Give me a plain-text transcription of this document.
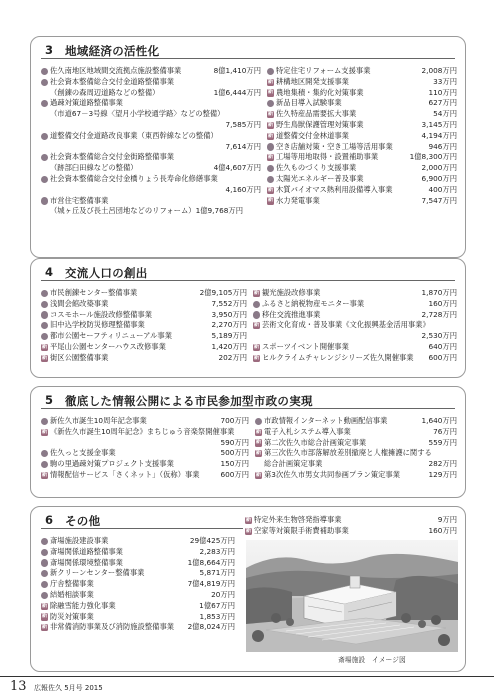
3 地域経済の活性化
佐久南地区地域間交流拠点施設整備事業	8億1,410万円
社会資本整備総合交付金道路整備事業
（創錬の森周辺道路などの整備）	1億6,444万円
過疎対策道路整備事業
（市道67－3号線〈望月小学校通学路〉などの整備）
7,585万円
道整備交付金道路改良事業（東西幹線などの整備）
7,614万円
社会資本整備総合交付金街路整備事業
（跡部臼田線などの整備）	4億4,607万円
社会資本整備総合交付金橋りょう長寿命化修繕事業
4,160万円
市営住宅整備事業
（城ヶ丘及び長土呂団地などのリフォーム）1億9,768万円
特定住宅リフォーム支援事業	2,008万円
新 耕構地区開発支援事業	33万円
新 農地集積・集約化対策事業	110万円
新品目導入試験事業	627万円
新 佐久特産品需要拡大事業	54万円
新 野生鳥獣保護管理対策事業	3,145万円
新 道整備交付金林道事業	4,194万円
空き店舗対策・空き工場等活用事業	946万円
新 工場等用地取得・設置補助事業	1億8,300万円
佐久ものづくり支援事業	2,000万円
太陽光エネルギー普及事業	6,900万円
新 木質バイオマス熱利用設備導入事業	400万円
新 水力発電事業	7,547万円
4 交流人口の創出
市民創錬センター整備事業	2億9,105万円
浅間会館改築事業	7,552万円
コスモホール施設改修整備事業	3,950万円
旧中込学校防災修理整備事業	2,270万円
都市公園セーフティリニューアル事業	5,189万円
新 平尾山公園センターハウス改修事業	1,420万円
新 街区公園整備事業	202万円
新 観光施設改修事業	1,870万円
ふるさと納税物産モニター事業	160万円
移住交流推進事業	2,728万円
新 芸術文化育成・普及事業《文化振興基金活用事業》
2,530万円
新 スポーツイベント開催事業	640万円
新 ヒルクライムチャレンジシリーズ佐久開催事業 600万円
5 徹底した情報公開による市民参加型市政の実現
新佐久市誕生10周年記念事業	700万円
新 《新佐久市誕生10周年記念》まちじゅう音楽祭開催事業
590万円
佐久っと支援金事業	500万円
駒の里過疎対策プロジェクト支援事業	150万円
新 情報配信サービス「さくネット」（仮称）事業	600万円
市政情報インターネット動画配信事業	1,640万円
新 電子入札システム導入事業	76万円
新 第二次佐久市総合計画策定事業	559万円
新 第三次佐久市部落解放差別撤廃と人権擁護に関する
総合計画策定事業	282万円
新 第3次佐久市男女共同参画プラン策定事業	129万円
6 その他
斎場施設建設事業	29億425万円
斎場関係道路整備事業	2,283万円
斎場関係環境整備事業	1億8,664万円
新クリーンセンター整備事業	5,871万円
庁舎整備事業	7億4,819万円
結婚相談事業	20万円
新 除融雪能力強化事業	1億67万円
新 防災対策事業	1,853万円
新 非常備消防事業及び消防施設整備事業 2億8,024万円
新 特定外来生物啓発指導事業	9万円
新 空家等対策限手術費補助事業	160万円
斎場施設　イメージ図
13 広報佐久 5月号 2015
